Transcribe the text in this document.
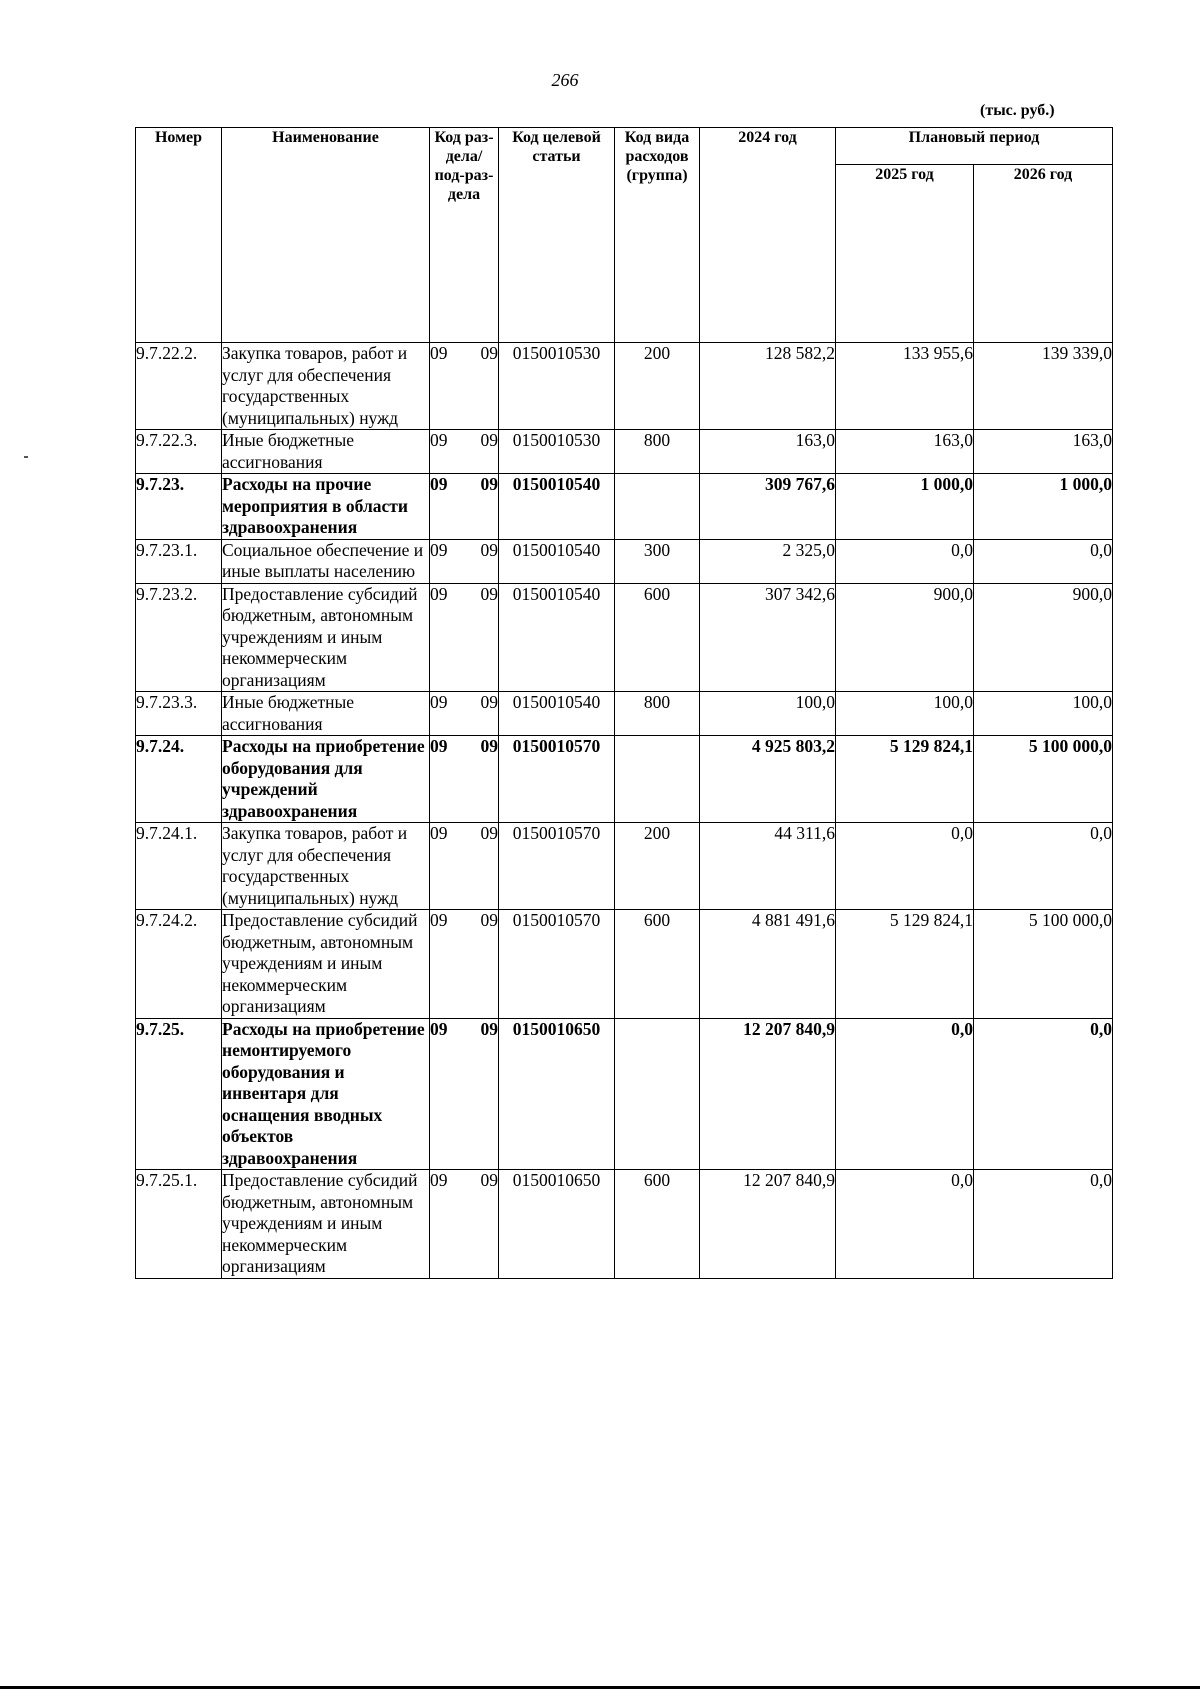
266
(тыс. руб.)
Номер	Наименование	Код раз-дела/ под-раз-дела	Код целевой статьи	Код вида расходов (группа)	2024 год	Плановый период	
						2025 год	2026 год

9.7.22.2.	Закупка товаров, работ и услуг для обеспечения государственных (муниципальных) нужд	09 09	0150010530	200	128 582,2	133 955,6	139 339,0
9.7.22.3.	Иные бюджетные ассигнования	09 09	0150010530	800	163,0	163,0	163,0
9.7.23.	Расходы на прочие мероприятия в области здравоохранения	09 09	0150010540		309 767,6	1 000,0	1 000,0
9.7.23.1.	Социальное обеспечение и иные выплаты населению	09 09	0150010540	300	2 325,0	0,0	0,0
9.7.23.2.	Предоставление субсидий бюджетным, автономным учреждениям и иным некоммерческим организациям	09 09	0150010540	600	307 342,6	900,0	900,0
9.7.23.3.	Иные бюджетные ассигнования	09 09	0150010540	800	100,0	100,0	100,0
9.7.24.	Расходы на приобретение оборудования для учреждений здравоохранения	09 09	0150010570		4 925 803,2	5 129 824,1	5 100 000,0
9.7.24.1.	Закупка товаров, работ и услуг для обеспечения государственных (муниципальных) нужд	09 09	0150010570	200	44 311,6	0,0	0,0
9.7.24.2.	Предоставление субсидий бюджетным, автономным учреждениям и иным некоммерческим организациям	09 09	0150010570	600	4 881 491,6	5 129 824,1	5 100 000,0
9.7.25.	Расходы на приобретение немонтируемого оборудования и инвентаря для оснащения вводных объектов здравоохранения	09 09	0150010650		12 207 840,9	0,0	0,0
9.7.25.1.	Предоставление субсидий бюджетным, автономным учреждениям и иным некоммерческим организациям	09 09	0150010650	600	12 207 840,9	0,0	0,0
